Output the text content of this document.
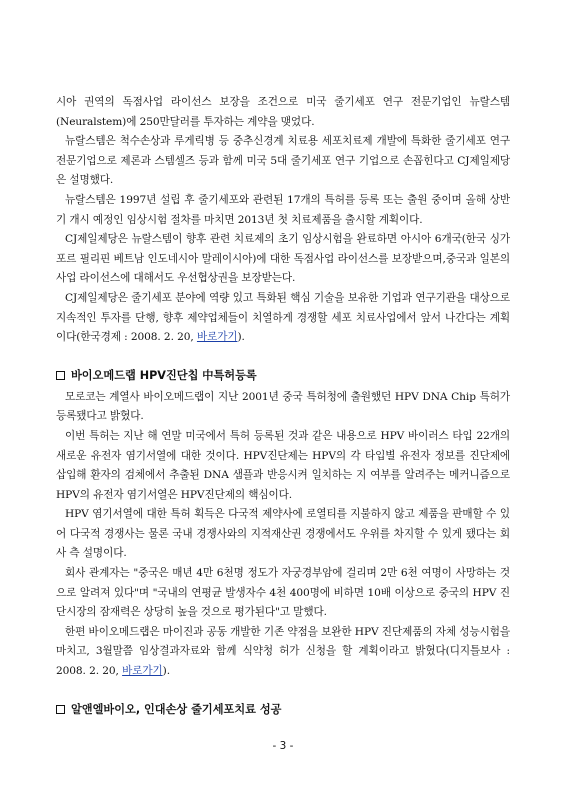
시아 권역의 독점사업 라이선스 보장을 조건으로 미국 줄기세포 연구 전문기업인 뉴랄스템(Neuralstem)에 250만달러를 투자하는 계약을 맺었다.

뉴랄스템은 척수손상과 루게릭병 등 중추신경계 치료용 세포치료제 개발에 특화한 줄기세포 연구 전문기업으로 제론과 스템셀즈 등과 함께 미국 5대 줄기세포 연구 기업으로 손꼽힌다고 CJ제일제당은 설명했다.

뉴랄스템은 1997년 설립 후 줄기세포와 관련된 17개의 특허를 등록 또는 출원 중이며 올해 상반기 개시 예정인 임상시험 절차를 마치면 2013년 첫 치료제품을 출시할 계획이다.

CJ제일제당은 뉴랄스템이 향후 관련 치료제의 초기 임상시험을 완료하면 아시아 6개국(한국 싱가포르 필리핀 베트남 인도네시아 말레이시아)에 대한 독점사업 라이선스를 보장받으며,중국과 일본의 사업 라이선스에 대해서도 우선협상권을 보장받는다.

CJ제일제당은 줄기세포 분야에 역량 있고 특화된 핵심 기술을 보유한 기업과 연구기관을 대상으로 지속적인 투자를 단행, 향후 제약업체들이 치열하게 경쟁할 세포 치료사업에서 앞서 나간다는 계획이다(한국경제 : 2008. 2. 20, 바로가기).

바이오메드랩 HPV진단칩 中특허등록

모로코는 계열사 바이오메드랩이 지난 2001년 중국 특허청에 출원했던 HPV DNA Chip 특허가 등록됐다고 밝혔다.

이번 특허는 지난 해 연말 미국에서 특허 등록된 것과 같은 내용으로 HPV 바이러스 타입 22개의 새로운 유전자 염기서열에 대한 것이다. HPV진단제는 HPV의 각 타입별 유전자 정보를 진단제에 삽입해 환자의 검체에서 추출된 DNA 샘플과 반응시켜 일치하는 지 여부를 알려주는 메커니즘으로 HPV의 유전자 염기서열은 HPV진단제의 핵심이다.

HPV 염기서열에 대한 특허 획득은 다국적 제약사에 로열티를 지불하지 않고 제품을 판매할 수 있어 다국적 경쟁사는 물론 국내 경쟁사와의 지적재산권 경쟁에서도 우위를 차지할 수 있게 됐다는 회사 측 설명이다.

회사 관계자는 "중국은 매년 4만 6천명 정도가 자궁경부암에 걸리며 2만 6천 여명이 사망하는 것으로 알려져 있다"며 "국내의 연평균 발생자수 4천 400명에 비하면 10배 이상으로 중국의 HPV 진단시장의 잠재력은 상당히 높을 것으로 평가된다"고 말했다.

한편 바이오메드랩은 마이진과 공동 개발한 기존 약점을 보완한 HPV 진단제품의 자체 성능시험을 마치고, 3월말쯤 임상결과자료와 함께 식약청 허가 신청을 할 계획이라고 밝혔다(디지틀보사 : 2008. 2. 20, 바로가기).

알앤엘바이오, 인대손상 줄기세포치료 성공
- 3 -
